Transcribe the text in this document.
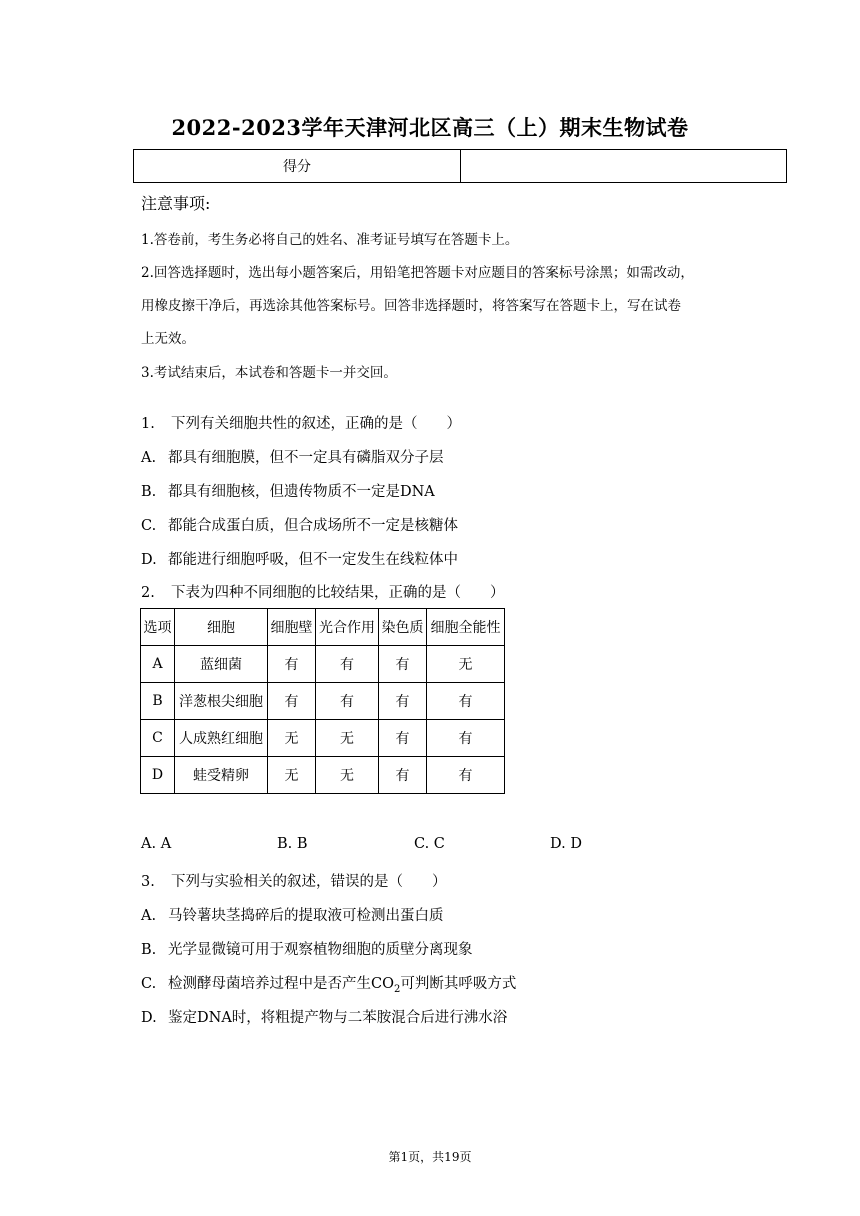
2022-2023学年天津河北区高三（上）期末生物试卷
得分	
注意事项:
1.答卷前，考生务必将自己的姓名、准考证号填写在答题卡上。
2.回答选择题时，选出每小题答案后，用铅笔把答题卡对应题目的答案标号涂黑；如需改动，
用橡皮擦干净后，再选涂其他答案标号。回答非选择题时，将答案写在答题卡上，写在试卷
上无效。
3.考试结束后，本试卷和答题卡一并交回。
1. 下列有关细胞共性的叙述，正确的是（　　）
A. 都具有细胞膜，但不一定具有磷脂双分子层
B. 都具有细胞核，但遗传物质不一定是DNA
C. 都能合成蛋白质，但合成场所不一定是核糖体
D. 都能进行细胞呼吸，但不一定发生在线粒体中
2. 下表为四种不同细胞的比较结果，正确的是（　　）
选项	细胞	细胞壁	光合作用	染色质	细胞全能性
A	蓝细菌	有	有	有	无
B	洋葱根尖细胞	有	有	有	有
C	人成熟红细胞	无	无	有	有
D	蛙受精卵	无	无	有	有
A. A	B. B	C. C	D. D
3. 下列与实验相关的叙述，错误的是（　　）
A. 马铃薯块茎捣碎后的提取液可检测出蛋白质
B. 光学显微镜可用于观察植物细胞的质壁分离现象
C. 检测酵母菌培养过程中是否产生$CO_2$可判断其呼吸方式
D. 鉴定DNA时，将粗提产物与二苯胺混合后进行沸水浴
第1页，共19页
